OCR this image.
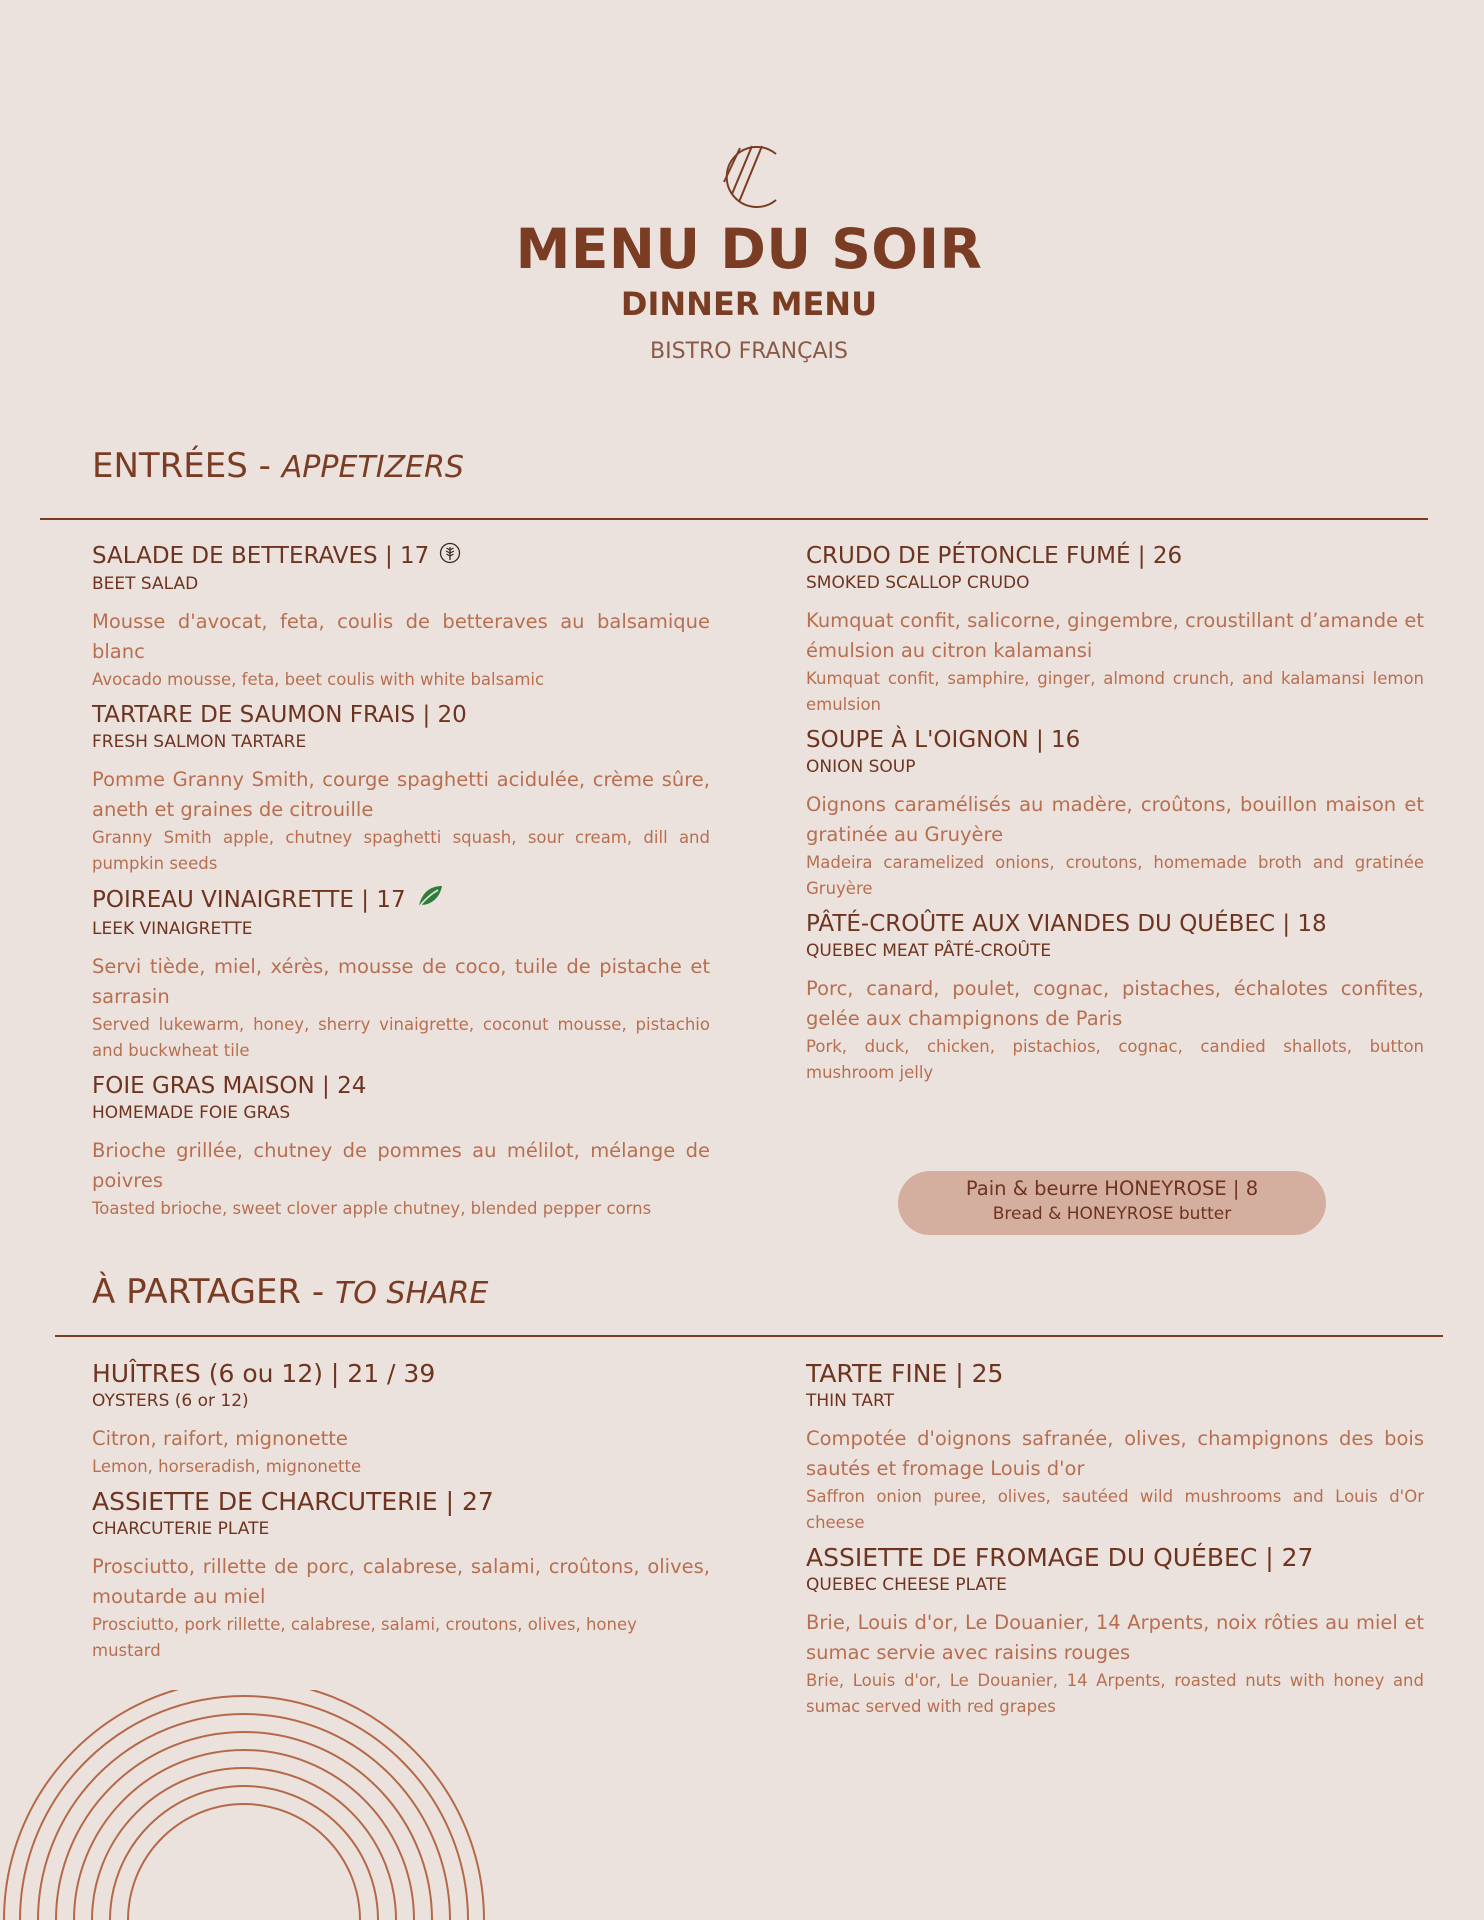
MENU DU SOIR
DINNER MENU
BISTRO FRANÇAIS
ENTRÉES - APPETIZERS
SALADE DE BETTERAVES | 17
BEET SALAD
Mousse d'avocat, feta, coulis de betteraves au balsamique blanc
Avocado mousse, feta, beet coulis with white balsamic
TARTARE DE SAUMON FRAIS | 20
FRESH SALMON TARTARE
Pomme Granny Smith, courge spaghetti acidulée, crème sûre, aneth et graines de citrouille
Granny Smith apple, chutney spaghetti squash, sour cream, dill and pumpkin seeds
POIREAU VINAIGRETTE | 17
LEEK VINAIGRETTE
Servi tiède, miel, xérès, mousse de coco, tuile de pistache et sarrasin
Served lukewarm, honey, sherry vinaigrette, coconut mousse, pistachio and buckwheat tile
FOIE GRAS MAISON | 24
HOMEMADE FOIE GRAS
Brioche grillée, chutney de pommes au mélilot, mélange de poivres
Toasted brioche, sweet clover apple chutney, blended pepper corns
CRUDO DE PÉTONCLE FUMÉ | 26
SMOKED SCALLOP CRUDO
Kumquat confit, salicorne, gingembre, croustillant d’amande et émulsion au citron kalamansi
Kumquat confit, samphire, ginger, almond crunch, and kalamansi lemon emulsion
SOUPE À L'OIGNON | 16
ONION SOUP
Oignons caramélisés au madère, croûtons, bouillon maison et gratinée au Gruyère
Madeira caramelized onions, croutons, homemade broth and gratinée Gruyère
PÂTÉ-CROÛTE AUX VIANDES DU QUÉBEC | 18
QUEBEC MEAT PÂTÉ-CROÛTE
Porc, canard, poulet, cognac, pistaches, échalotes confites, gelée aux champignons de Paris
Pork, duck, chicken, pistachios, cognac, candied shallots, button mushroom jelly
Pain & beurre HONEYROSE | 8
Bread & HONEYROSE butter
À PARTAGER - TO SHARE
HUÎTRES (6 ou 12) | 21 / 39
OYSTERS (6 or 12)
Citron, raifort, mignonette
Lemon, horseradish, mignonette
ASSIETTE DE CHARCUTERIE | 27
CHARCUTERIE PLATE
Prosciutto, rillette de porc, calabrese, salami, croûtons, olives, moutarde au miel
Prosciutto, pork rillette, calabrese, salami, croutons, olives, honey mustard
TARTE FINE | 25
THIN TART
Compotée d'oignons safranée, olives, champignons des bois sautés et fromage Louis d'or
Saffron onion puree, olives, sautéed wild mushrooms and Louis d'Or cheese
ASSIETTE DE FROMAGE DU QUÉBEC | 27
QUEBEC CHEESE PLATE
Brie, Louis d'or, Le Douanier, 14 Arpents, noix rôties au miel et sumac servie avec raisins rouges
Brie, Louis d'or, Le Douanier, 14 Arpents, roasted nuts with honey and sumac served with red grapes
